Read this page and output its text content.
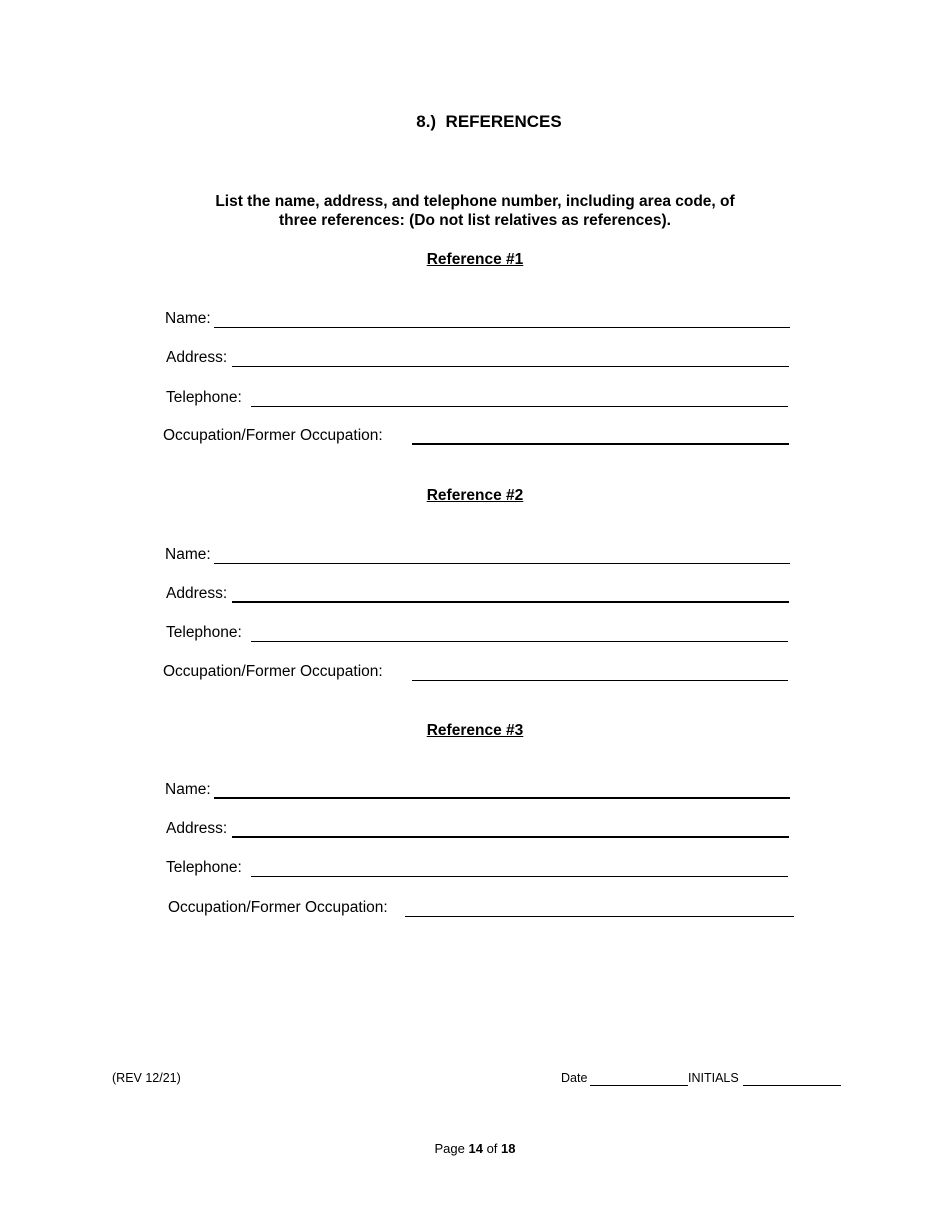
8.) REFERENCES
List the name, address, and telephone number, including area code, of
three references: (Do not list relatives as references).
Reference #1
Name:
Address:
Telephone:
Occupation/Former Occupation:
Reference #2
Name:
Address:
Telephone:
Occupation/Former Occupation:
Reference #3
Name:
Address:
Telephone:
Occupation/Former Occupation:
(REV 12/21)	Date	INITIALS
Page 14 of 18
